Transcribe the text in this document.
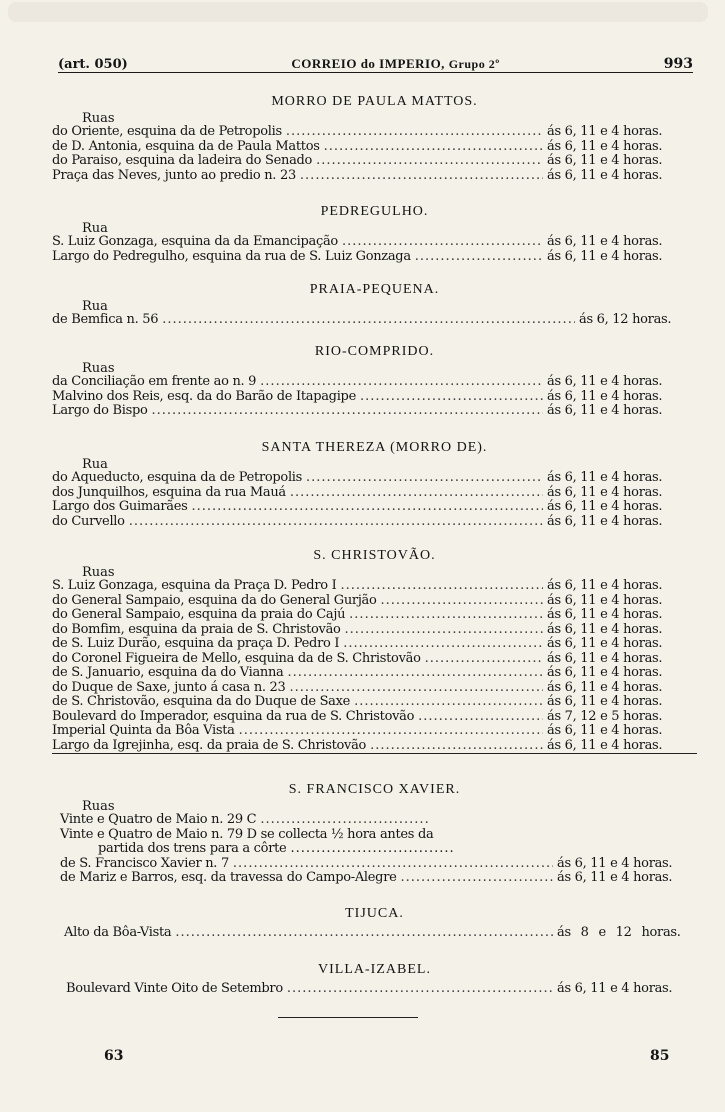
(art. 050)	CORREIO do IMPERIO, Grupo 2º	993
MORRO DE PAULA MATTOS.
Ruas
do Oriente, esquina da de Petropolis .....	ás 6, 11 e 4 horas.
de D. Antonia, esquina da de Paula Mattos .....	ás 6, 11 e 4 horas.
do Paraiso, esquina da ladeira do Senado .....	ás 6, 11 e 4 horas.
Praça das Neves, junto ao predio n. 23 .....	ás 6, 11 e 4 horas.
PEDREGULHO.
Rua
S. Luiz Gonzaga, esquina da da Emancipação .....	ás 6, 11 e 4 horas.
Largo do Pedregulho, esquina da rua de S. Luiz Gonzaga .....	ás 6, 11 e 4 horas.
PRAIA-PEQUENA.
Rua
de Bemfica n. 56 .....	ás 6, 12 horas.
RIO-COMPRIDO.
Ruas
da Conciliação em frente ao n. 9 .....	ás 6, 11 e 4 horas.
Malvino dos Reis, esq. da do Barão de Itapagipe .....	ás 6, 11 e 4 horas.
Largo do Bispo .....	ás 6, 11 e 4 horas.
SANTA THEREZA (MORRO DE).
Rua
do Aqueducto, esquina da de Petropolis .....	ás 6, 11 e 4 horas.
dos Junquilhos, esquina da rua Mauá .....	ás 6, 11 e 4 horas.
Largo dos Guimarães .....	ás 6, 11 e 4 horas.
do Curvello .....	ás 6, 11 e 4 horas.
S. CHRISTOVÃO.
Ruas
S. Luiz Gonzaga, esquina da Praça D. Pedro I .....	ás 6, 11 e 4 horas.
do General Sampaio, esquina da do General Gurjão .....	ás 6, 11 e 4 horas.
do General Sampaio, esquina da praia do Cajú .....	ás 6, 11 e 4 horas.
do Bomfim, esquina da praia de S. Christovão .....	ás 6, 11 e 4 horas.
de S. Luiz Durão, esquina da praça D. Pedro I .....	ás 6, 11 e 4 horas.
do Coronel Figueira de Mello, esquina da de S. Christovão .....	ás 6, 11 e 4 horas.
de S. Januario, esquina da do Vianna .....	ás 6, 11 e 4 horas.
do Duque de Saxe, junto á casa n. 23 .....	ás 6, 11 e 4 horas.
de S. Christovão, esquina da do Duque de Saxe .....	ás 6, 11 e 4 horas.
Boulevard do Imperador, esquina da rua de S. Christovão .....	ás 7, 12 e 5 horas.
Imperial Quinta da Bôa Vista .....	ás 6, 11 e 4 horas.
Largo da Igrejinha, esq. da praia de S. Christovão .....	ás 6, 11 e 4 horas.
S. FRANCISCO XAVIER.
Ruas
Vinte e Quatro de Maio n. 29 C
.....
Vinte e Quatro de Maio n. 79 D se collecta ½ hora antes da
partida dos trens para a côrte
.....
de S. Francisco Xavier n. 7 .....	ás 6, 11 e 4 horas.
de Mariz e Barros, esq. da travessa do Campo-Alegre .....	ás 6, 11 e 4 horas.
TIJUCA.
Alto da Bôa-Vista .....	ás 8 e 12 horas.
VILLA-IZABEL.
Boulevard Vinte Oito de Setembro .....	ás 6, 11 e 4 horas.
63	85
